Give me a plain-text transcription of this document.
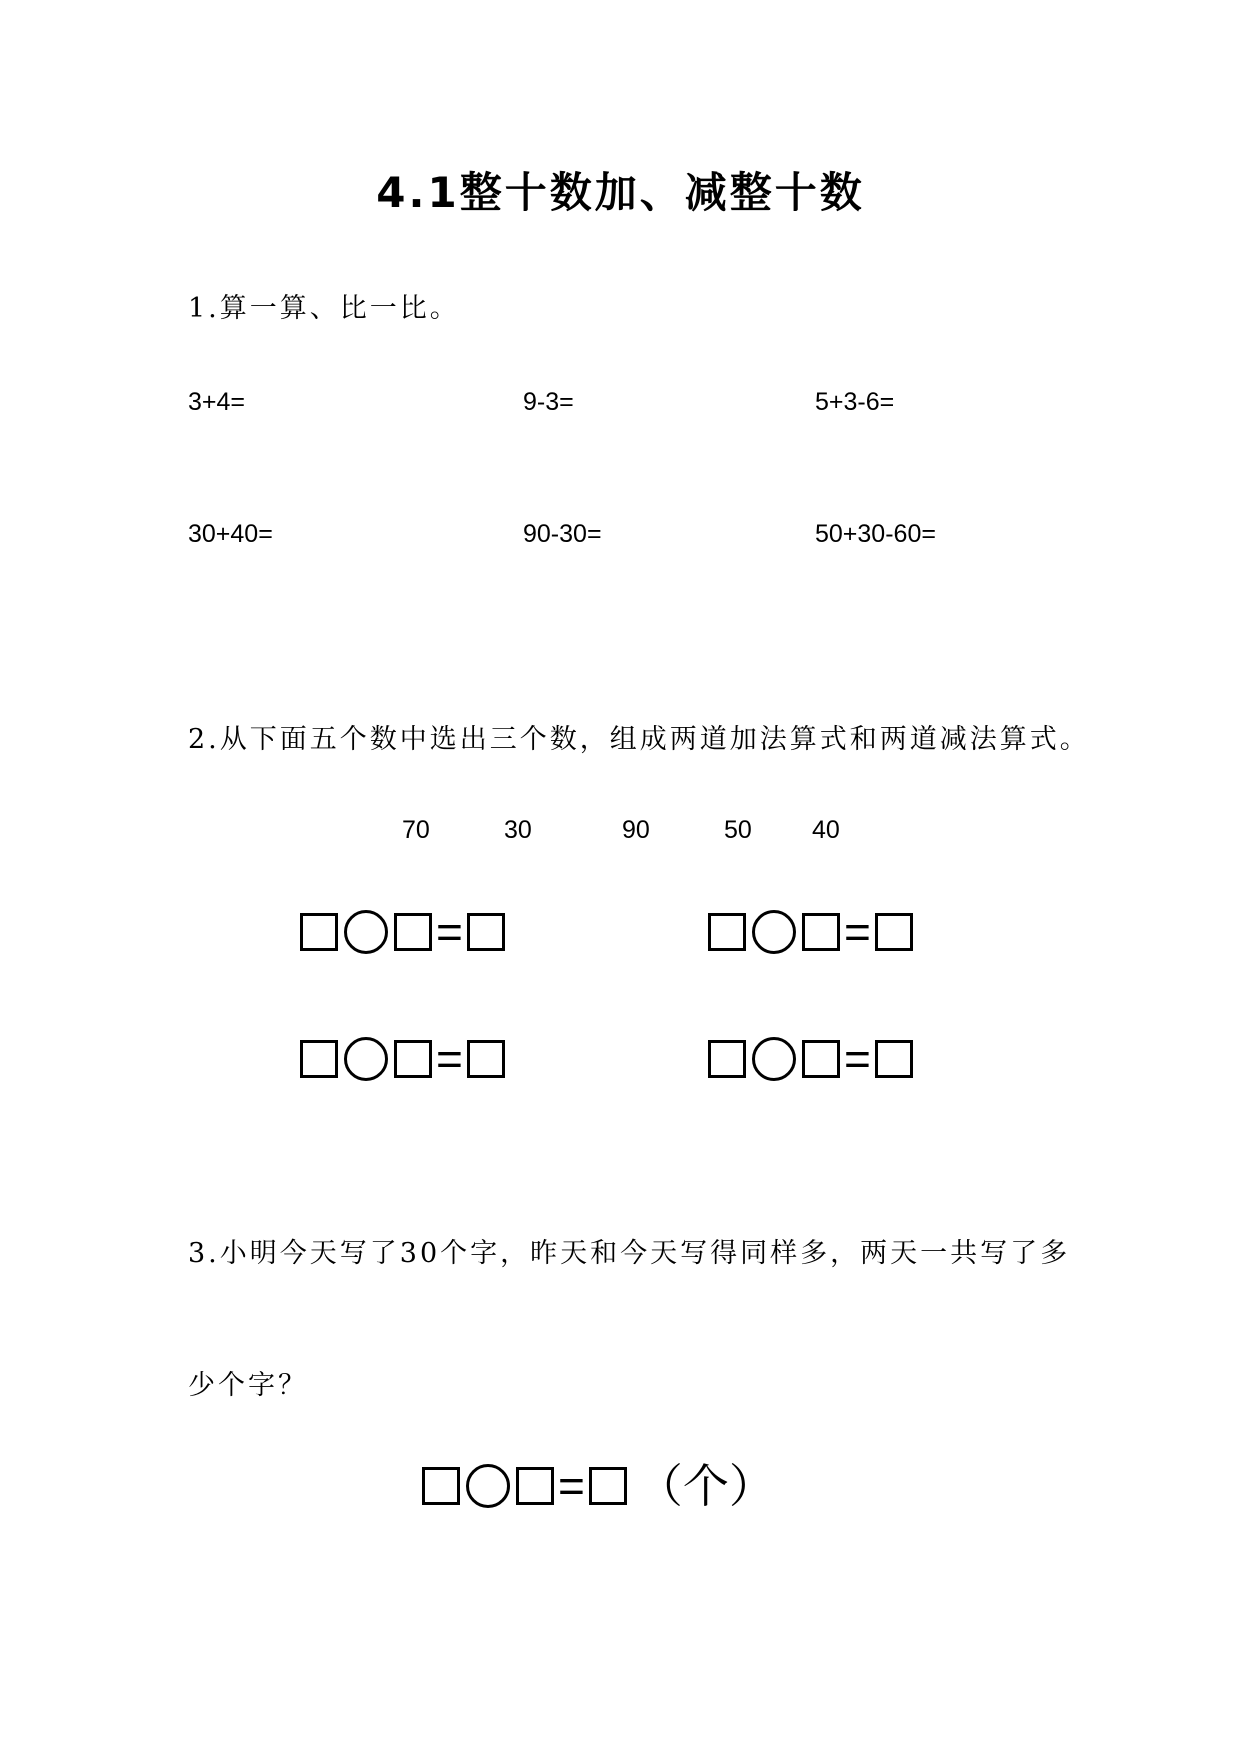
4.1整十数加、减整十数
1.算一算、比一比。
3+4=	9-3=	5+3-6=
30+40=	90-30=	50+30-60=
2.从下面五个数中选出三个数，组成两道加法算式和两道减法算式。
70	30	90	50 40
=	=
=	=
3.小明今天写了30个字，昨天和今天写得同样多，两天一共写了多
少个字？
= （个）
